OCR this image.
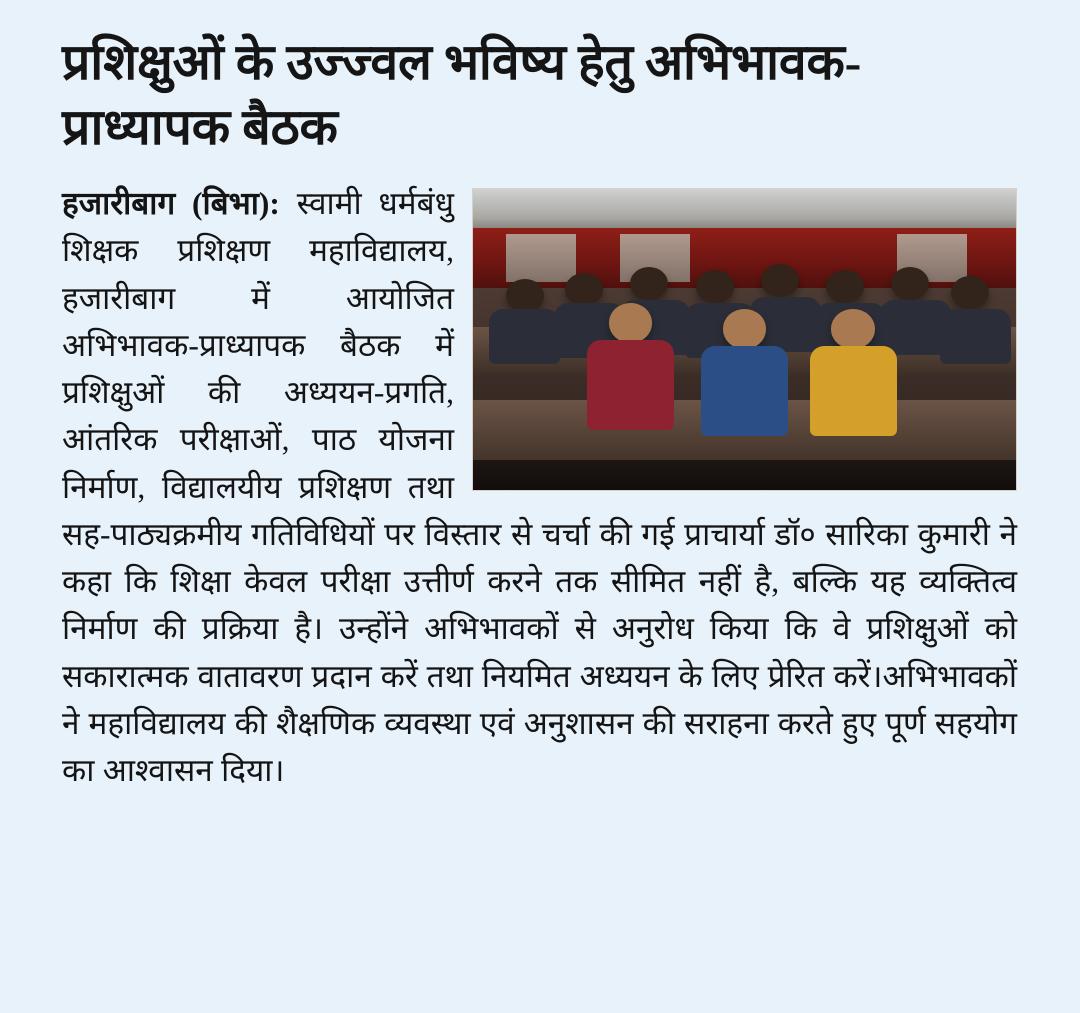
प्रशिक्षुओं के उज्ज्वल भविष्य हेतु अभिभावक-प्राध्यापक बैठक

हजारीबाग (बिभा): स्वामी धर्मबंधु शिक्षक प्रशिक्षण महाविद्यालय, हजारीबाग में आयोजित अभिभावक-प्राध्यापक बैठक में प्रशिक्षुओं की अध्ययन-प्रगति, आंतरिक परीक्षाओं, पाठ योजना निर्माण, विद्यालयीय प्रशिक्षण तथा सह-पाठ्यक्रमीय गतिविधियों पर विस्तार से चर्चा की गई प्राचार्या डॉ० सारिका कुमारी ने कहा कि शिक्षा केवल परीक्षा उत्तीर्ण करने तक सीमित नहीं है, बल्कि यह व्यक्तित्व निर्माण की प्रक्रिया है। उन्होंने अभिभावकों से अनुरोध किया कि वे प्रशिक्षुओं को सकारात्मक वातावरण प्रदान करें तथा नियमित अध्ययन के लिए प्रेरित करें।अभिभावकों ने महाविद्यालय की शैक्षणिक व्यवस्था एवं अनुशासन की सराहना करते हुए पूर्ण सहयोग का आश्वासन दिया।
